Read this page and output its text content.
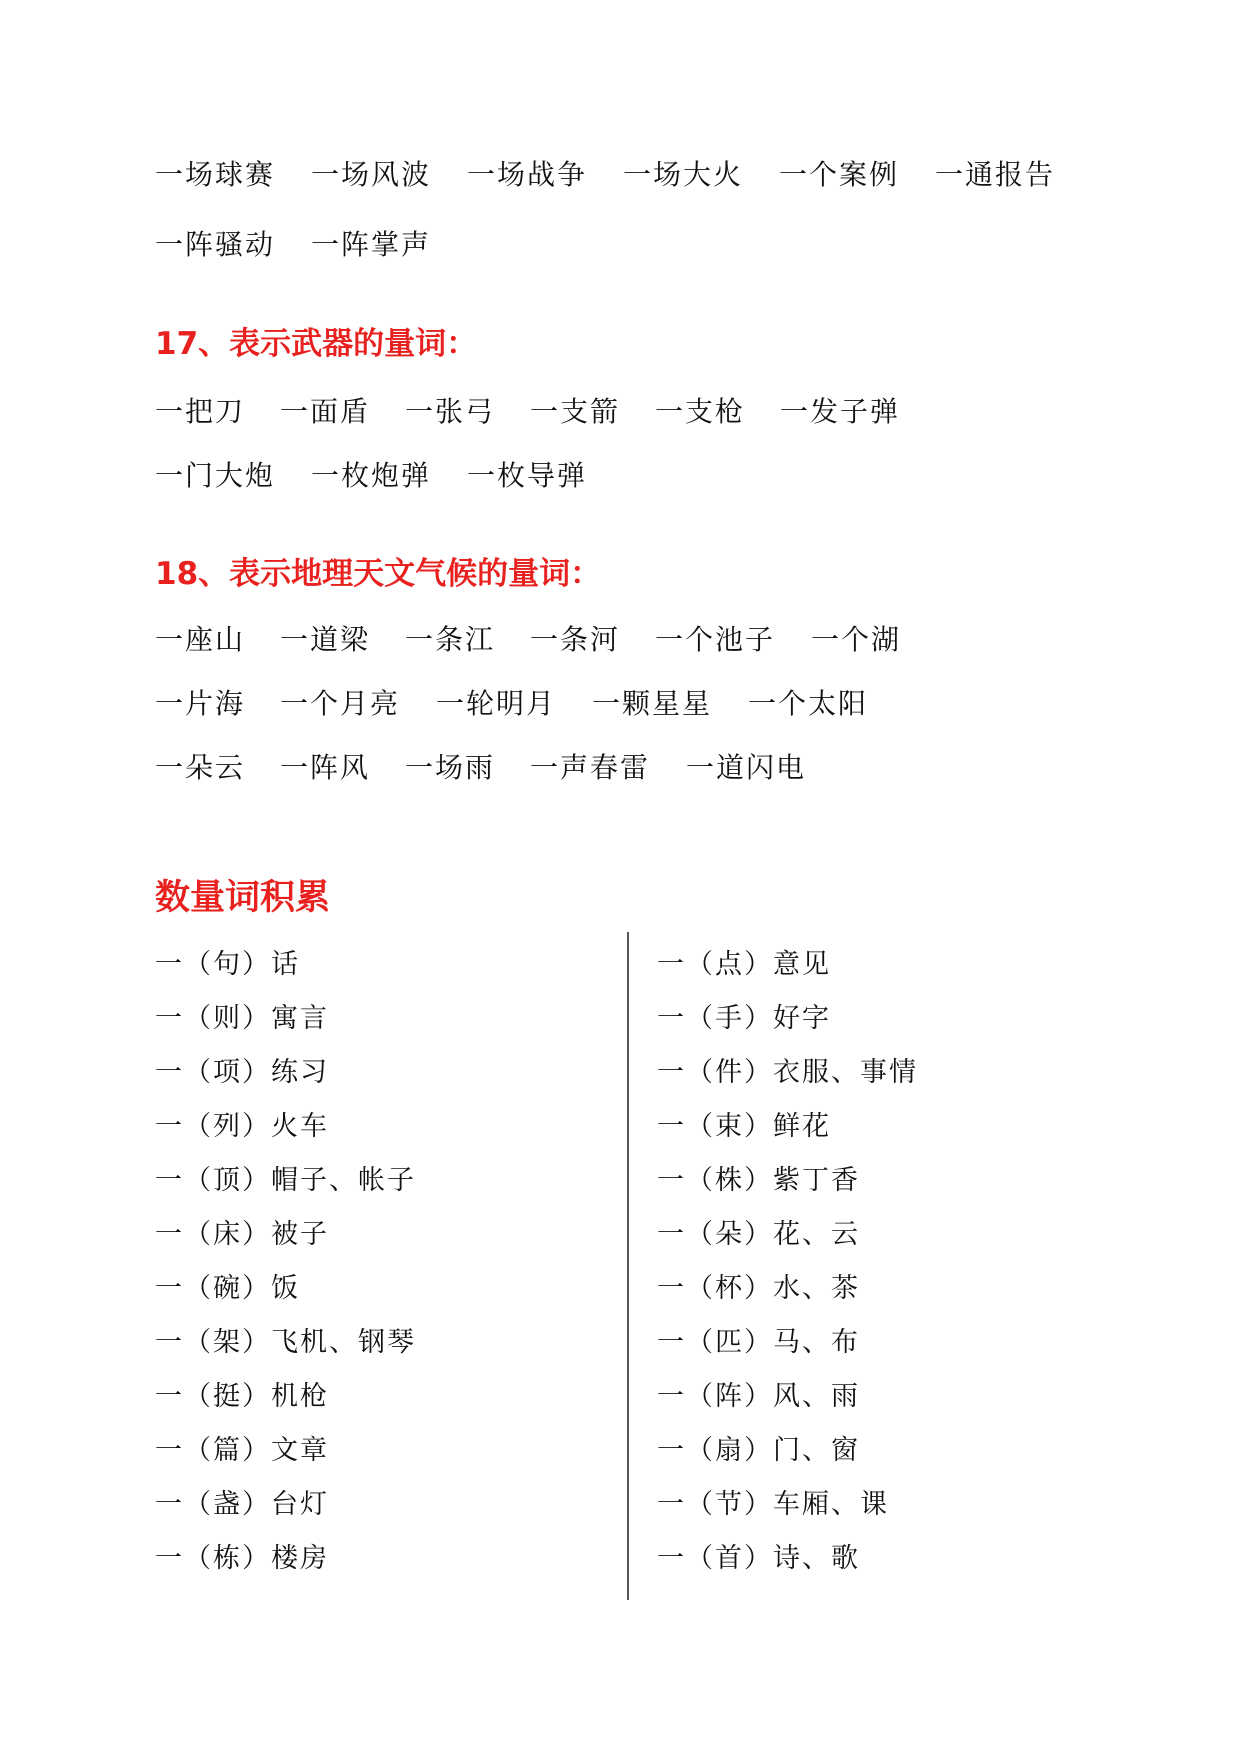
一场球赛 一场风波 一场战争 一场大火 一个案例 一通报告
一阵骚动 一阵掌声
17、表示武器的量词：
一把刀 一面盾 一张弓 一支箭 一支枪 一发子弹
一门大炮 一枚炮弹 一枚导弹
18、表示地理天文气候的量词：
一座山 一道梁 一条江 一条河 一个池子 一个湖
一片海 一个月亮 一轮明月 一颗星星 一个太阳
一朵云 一阵风 一场雨 一声春雷 一道闪电
数量词积累
一（句）话
一（则）寓言
一（项）练习
一（列）火车
一（顶）帽子、帐子
一（床）被子
一（碗）饭
一（架）飞机、钢琴
一（挺）机枪
一（篇）文章
一（盏）台灯
一（栋）楼房
一（点）意见
一（手）好字
一（件）衣服、事情
一（束）鲜花
一（株）紫丁香
一（朵）花、云
一（杯）水、茶
一（匹）马、布
一（阵）风、雨
一（扇）门、窗
一（节）车厢、课
一（首）诗、歌
